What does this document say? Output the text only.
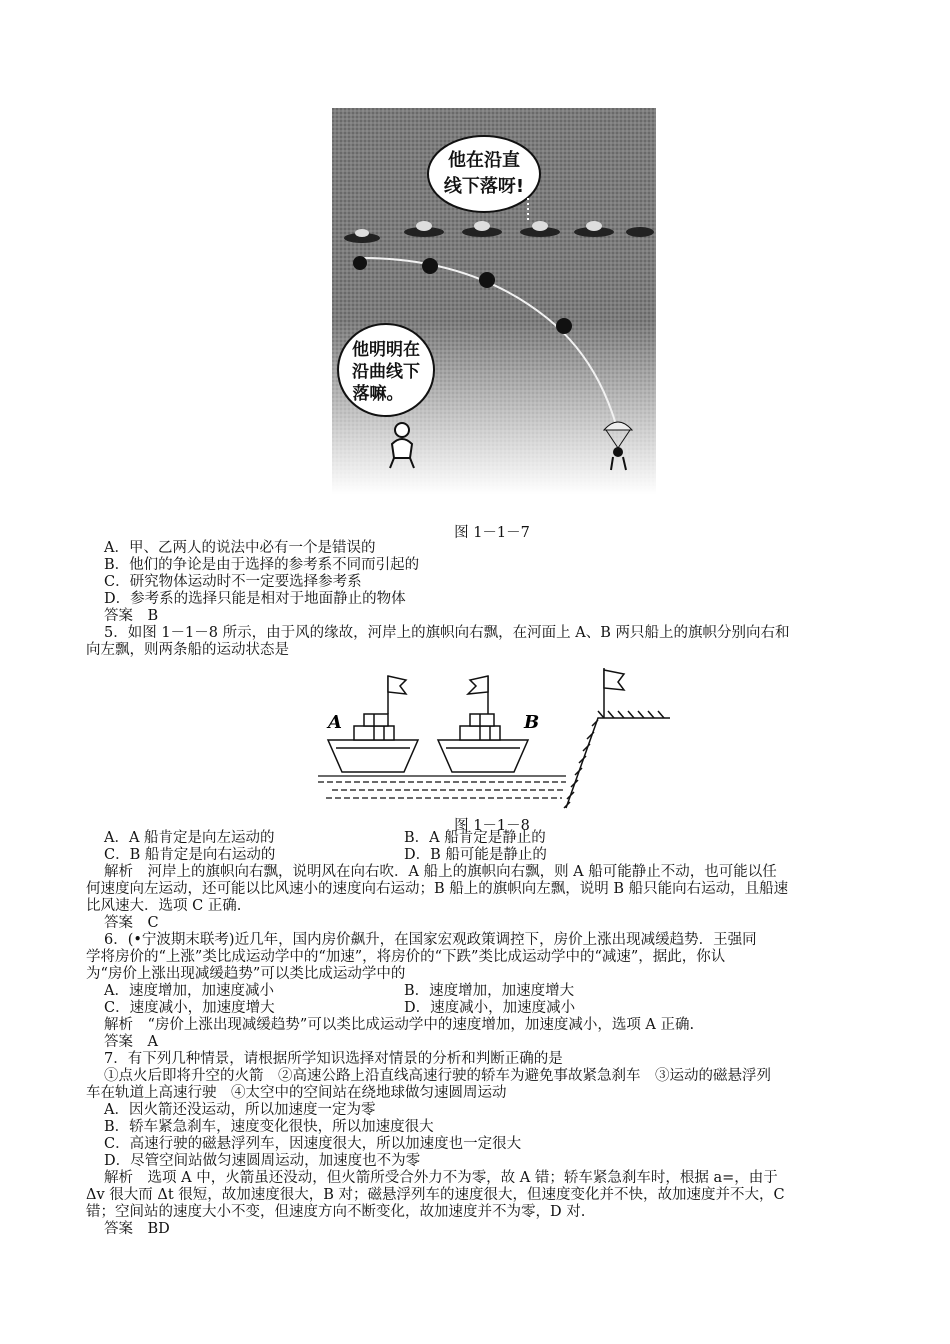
他在沿直
线下落呀!
他明明在
沿曲线下
落嘛。
图 1－1－7
A．甲、乙两人的说法中必有一个是错误的
B．他们的争论是由于选择的参考系不同而引起的
C．研究物体运动时不一定要选择参考系
D．参考系的选择只能是相对于地面静止的物体
答案　B
5．如图 1－1－8 所示，由于风的缘故，河岸上的旗帜向右飘，在河面上 A、B 两只船上的旗帜分别向右和
向左飘，则两条船的运动状态是
A	B
图 1－1－8
A．A 船肯定是向左运动的	B．A 船肯定是静止的
C．B 船肯定是向右运动的	D．B 船可能是静止的
解析　河岸上的旗帜向右飘，说明风在向右吹．A 船上的旗帜向右飘，则 A 船可能静止不动，也可能以任
何速度向左运动，还可能以比风速小的速度向右运动；B 船上的旗帜向左飘，说明 B 船只能向右运动，且船速
比风速大．选项 C 正确.
答案　C
6．(•宁波期末联考)近几年，国内房价飙升，在国家宏观政策调控下，房价上涨出现减缓趋势．王强同
学将房价的“上涨”类比成运动学中的“加速”，将房价的“下跌”类比成运动学中的“减速”，据此，你认
为“房价上涨出现减缓趋势”可以类比成运动学中的
A．速度增加，加速度减小	B．速度增加，加速度增大
C．速度减小，加速度增大	D．速度减小，加速度减小
解析　“房价上涨出现减缓趋势”可以类比成运动学中的速度增加，加速度减小，选项 A 正确.
答案　A
7．有下列几种情景，请根据所学知识选择对情景的分析和判断正确的是
①点火后即将升空的火箭　②高速公路上沿直线高速行驶的轿车为避免事故紧急刹车　③运动的磁悬浮列
车在轨道上高速行驶　④太空中的空间站在绕地球做匀速圆周运动
A．因火箭还没运动，所以加速度一定为零
B．轿车紧急刹车，速度变化很快，所以加速度很大
C．高速行驶的磁悬浮列车，因速度很大，所以加速度也一定很大
D．尽管空间站做匀速圆周运动，加速度也不为零
解析　选项 A 中，火箭虽还没动，但火箭所受合外力不为零，故 A 错；轿车紧急刹车时，根据 a=，由于
Δv 很大而 Δt 很短，故加速度很大，B 对；磁悬浮列车的速度很大，但速度变化并不快，故加速度并不大，C
错；空间站的速度大小不变，但速度方向不断变化，故加速度并不为零，D 对.
答案　BD
